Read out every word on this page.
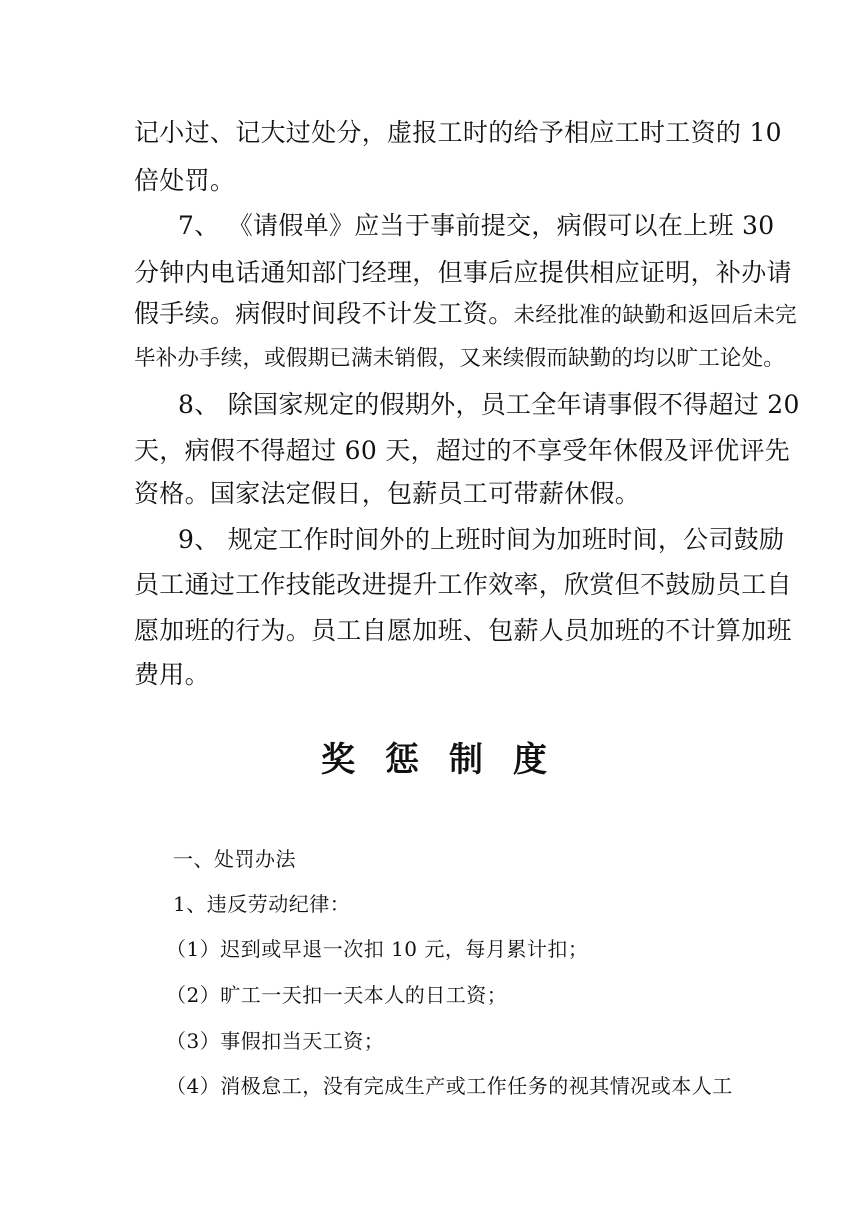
记小过、记大过处分，虚报工时的给予相应工时工资的 10
倍处罚。
7、 《请假单》应当于事前提交，病假可以在上班 30
分钟内电话通知部门经理，但事后应提供相应证明，补办请
假手续。病假时间段不计发工资。未经批准的缺勤和返回后未完
毕补办手续，或假期已满未销假，又来续假而缺勤的均以旷工论处。
8、 除国家规定的假期外，员工全年请事假不得超过 20
天，病假不得超过 60 天，超过的不享受年休假及评优评先
资格。国家法定假日，包薪员工可带薪休假。
9、 规定工作时间外的上班时间为加班时间，公司鼓励
员工通过工作技能改进提升工作效率，欣赏但不鼓励员工自
愿加班的行为。员工自愿加班、包薪人员加班的不计算加班
费用。
奖惩制度
一、处罚办法
1、违反劳动纪律：
（1）迟到或早退一次扣 10 元，每月累计扣；
（2）旷工一天扣一天本人的日工资；
（3）事假扣当天工资；
（4）消极怠工，没有完成生产或工作任务的视其情况或本人工
